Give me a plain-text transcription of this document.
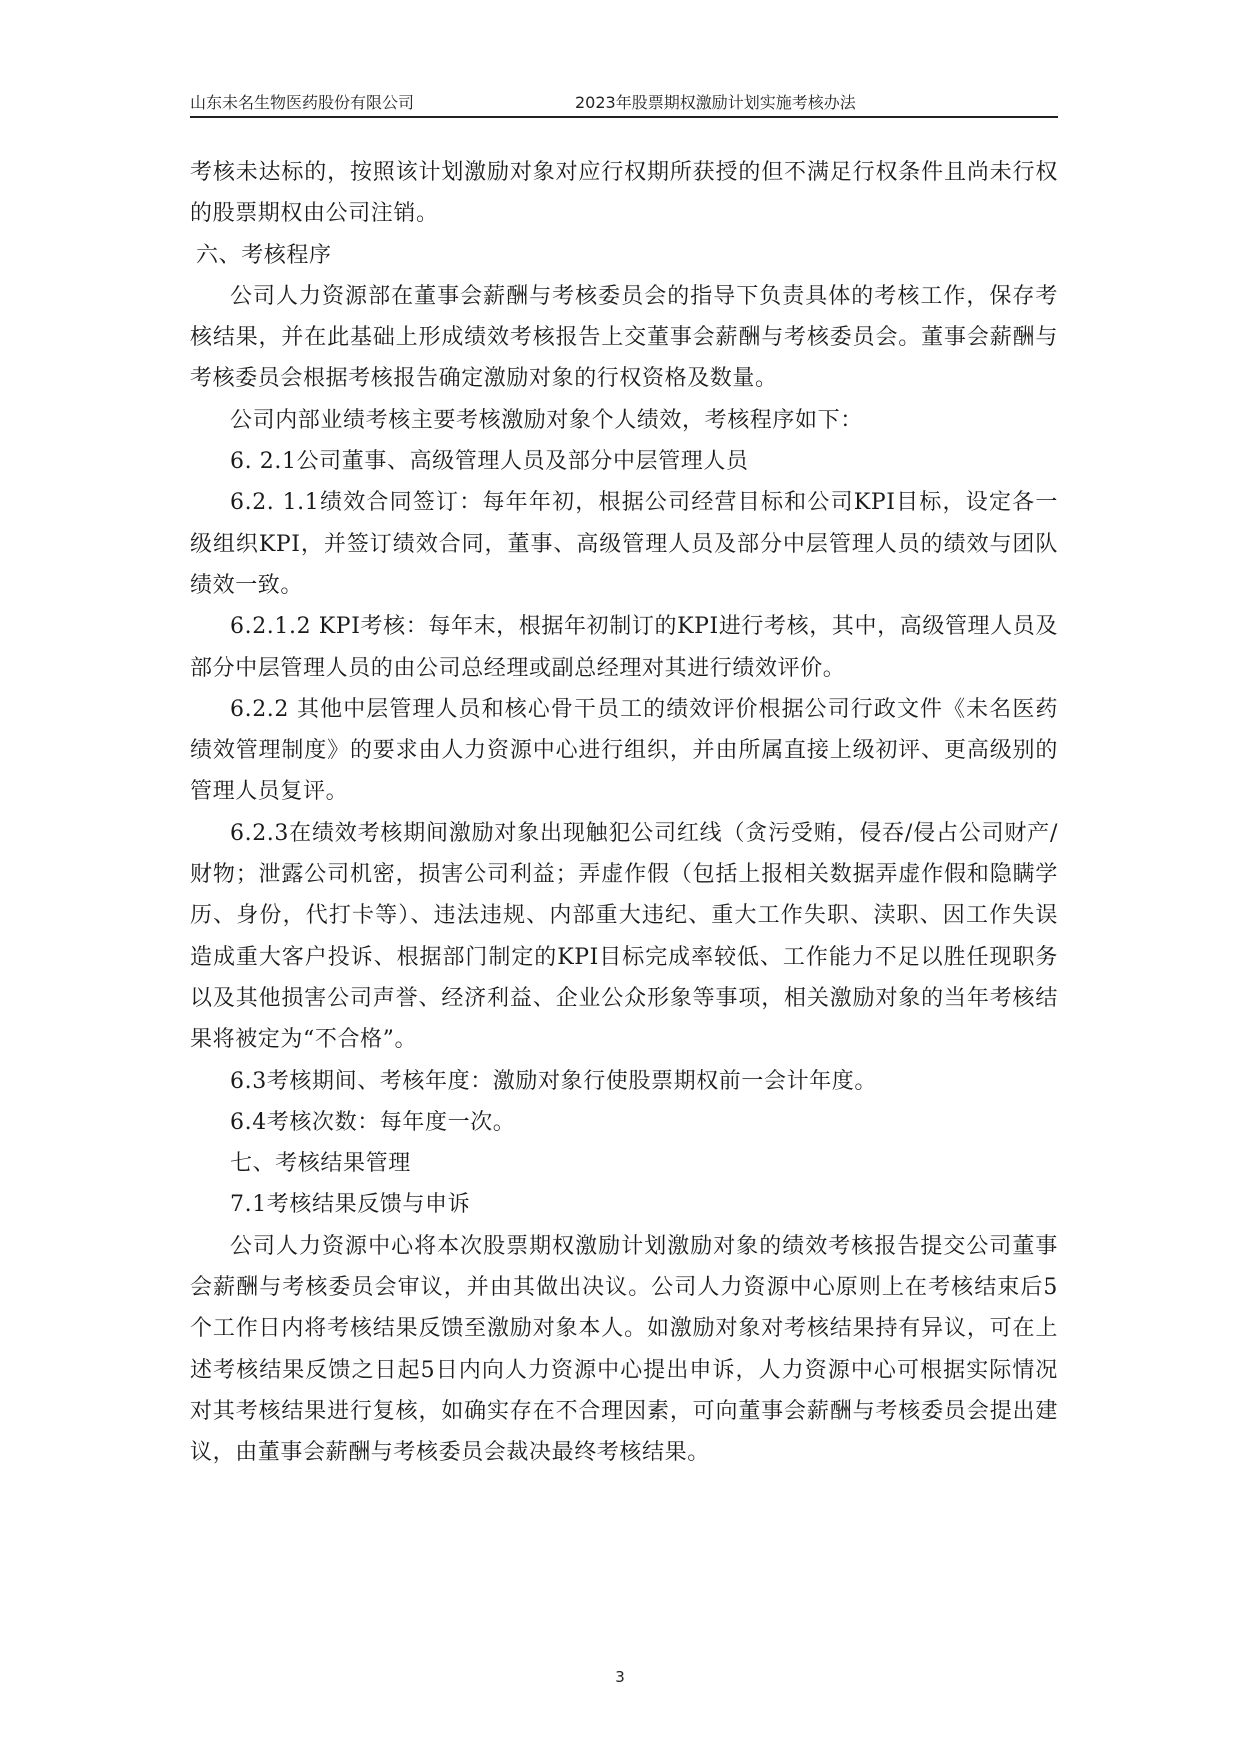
山东未名生物医药股份有限公司	2023年股票期权激励计划实施考核办法

考核未达标的，按照该计划激励对象对应行权期所获授的但不满足行权条件且尚未行权的股票期权由公司注销。

六、考核程序

公司人力资源部在董事会薪酬与考核委员会的指导下负责具体的考核工作，保存考核结果，并在此基础上形成绩效考核报告上交董事会薪酬与考核委员会。董事会薪酬与考核委员会根据考核报告确定激励对象的行权资格及数量。

公司内部业绩考核主要考核激励对象个人绩效，考核程序如下：

6. 2.1公司董事、高级管理人员及部分中层管理人员

6.2. 1.1绩效合同签订：每年年初，根据公司经营目标和公司KPI目标，设定各一级组织KPI，并签订绩效合同，董事、高级管理人员及部分中层管理人员的绩效与团队绩效一致。

6.2.1.2 KPI考核：每年末，根据年初制订的KPI进行考核，其中，高级管理人员及部分中层管理人员的由公司总经理或副总经理对其进行绩效评价。

6.2.2 其他中层管理人员和核心骨干员工的绩效评价根据公司行政文件《未名医药绩效管理制度》的要求由人力资源中心进行组织，并由所属直接上级初评、更高级别的管理人员复评。

6.2.3在绩效考核期间激励对象出现触犯公司红线（贪污受贿，侵吞/侵占公司财产/财物；泄露公司机密，损害公司利益；弄虚作假（包括上报相关数据弄虚作假和隐瞒学历、身份，代打卡等）、违法违规、内部重大违纪、重大工作失职、渎职、因工作失误造成重大客户投诉、根据部门制定的KPI目标完成率较低、工作能力不足以胜任现职务以及其他损害公司声誉、经济利益、企业公众形象等事项，相关激励对象的当年考核结果将被定为“不合格”。

6.3考核期间、考核年度：激励对象行使股票期权前一会计年度。

6.4考核次数：每年度一次。

七、考核结果管理

7.1考核结果反馈与申诉

公司人力资源中心将本次股票期权激励计划激励对象的绩效考核报告提交公司董事会薪酬与考核委员会审议，并由其做出决议。公司人力资源中心原则上在考核结束后5个工作日内将考核结果反馈至激励对象本人。如激励对象对考核结果持有异议，可在上述考核结果反馈之日起5日内向人力资源中心提出申诉，人力资源中心可根据实际情况对其考核结果进行复核，如确实存在不合理因素，可向董事会薪酬与考核委员会提出建议，由董事会薪酬与考核委员会裁决最终考核结果。

3
